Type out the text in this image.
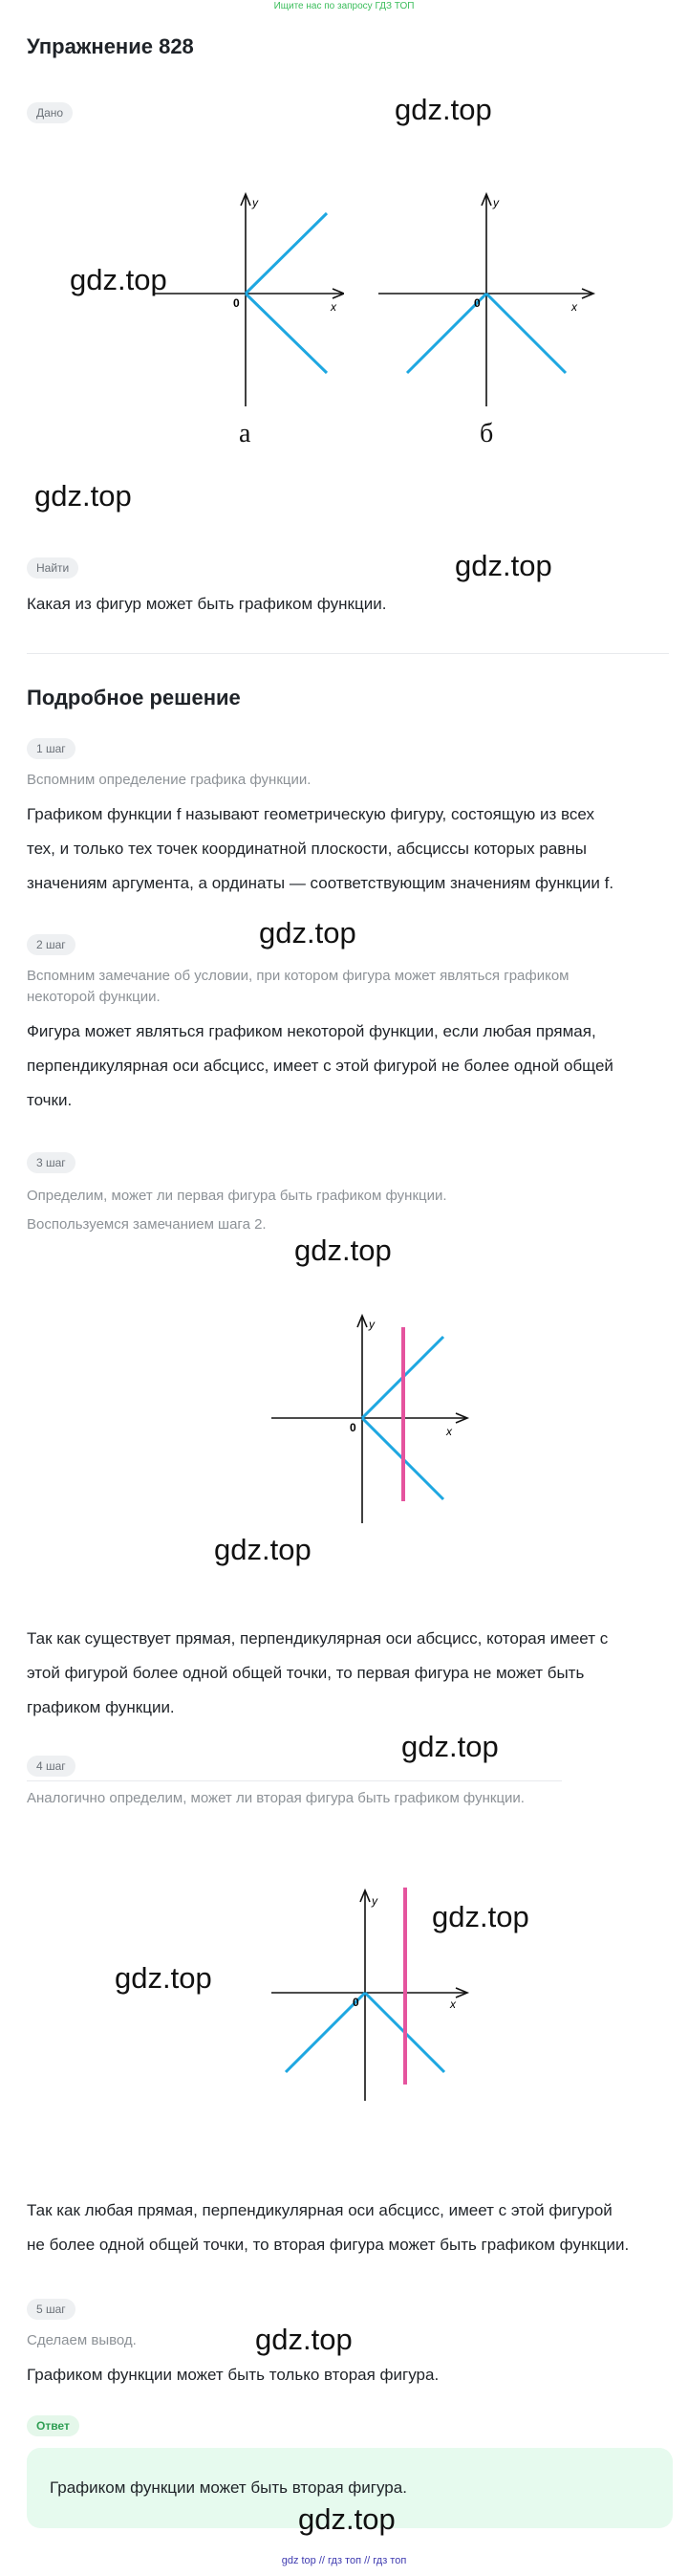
Ищите нас по запросу ГДЗ ТОП
Упражнение 828
Дано	gdz.top
y
x
0
gdz.top
а
y
x
0
б
gdz.top
Найти	gdz.top
Какая из фигур может быть графиком функции.
Подробное решение
1 шаг
Вспомним определение графика функции.
Графиком функции f называют геометрическую фигуру, состоящую из всех
тех, и только тех точек координатной плоскости, абсциссы которых равны
значениям аргумента, а ординаты — соответствующим значениям функции f.
gdz.top
2 шаг
Вспомним замечание об условии, при котором фигура может являться графиком
некоторой функции.
Фигура может являться графиком некоторой функции, если любая прямая,
перпендикулярная оси абсцисс, имеет с этой фигурой не более одной общей
точки.
3 шаг
Определим, может ли первая фигура быть графиком функции.
Воспользуемся замечанием шага 2.
gdz.top
y
x
0
gdz.top
Так как существует прямая, перпендикулярная оси абсцисс, которая имеет с
этой фигурой более одной общей точки, то первая фигура не может быть
графиком функции.
gdz.top
4 шаг
Аналогично определим, может ли вторая фигура быть графиком функции.
y
x
0
gdz.top
gdz.top
Так как любая прямая, перпендикулярная оси абсцисс, имеет с этой фигурой
не более одной общей точки, то вторая фигура может быть графиком функции.
5 шаг
Сделаем вывод.	gdz.top
Графиком функции может быть только вторая фигура.
Ответ
Графиком функции может быть вторая фигура.
gdz.top
gdz top // гдз топ // гдз топ
